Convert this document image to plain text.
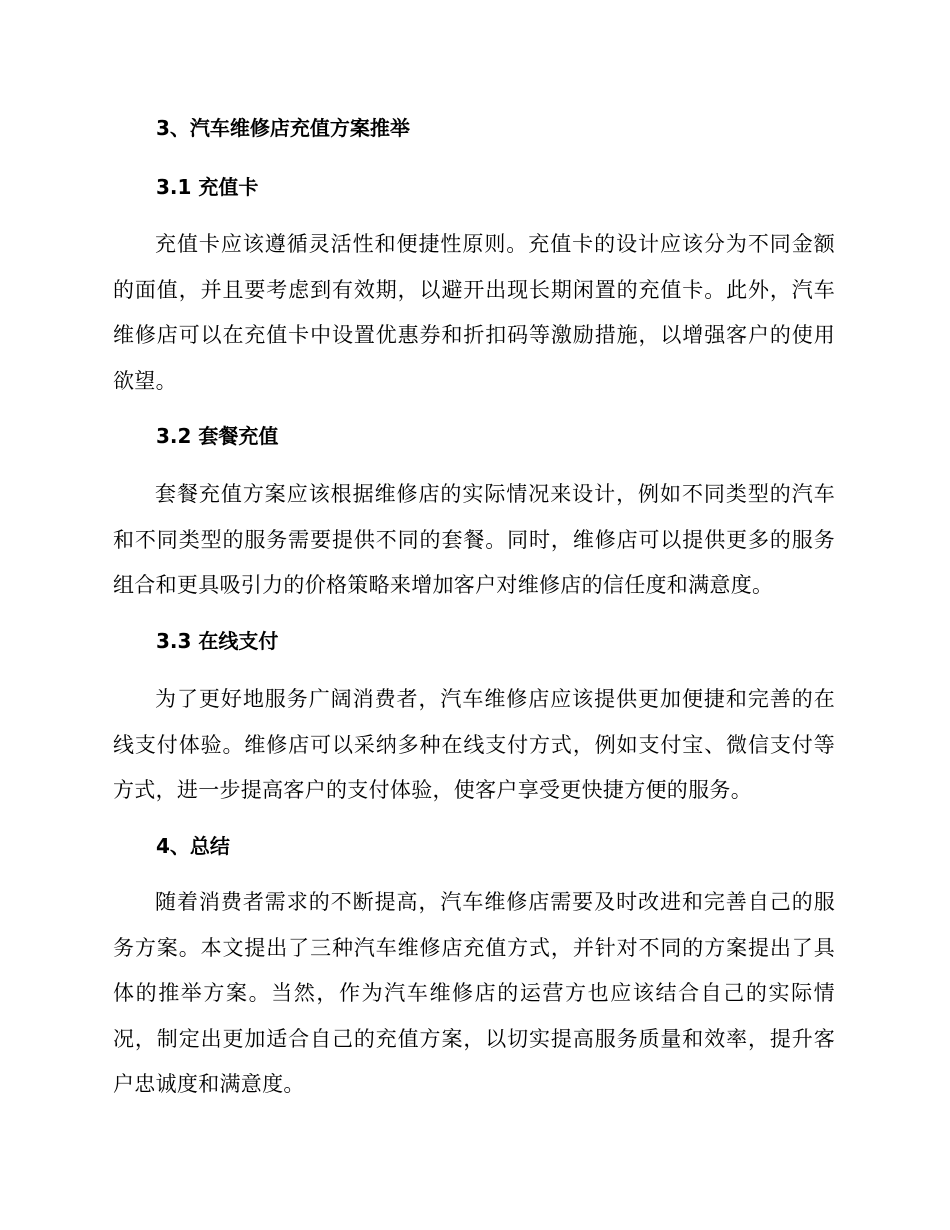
3、汽车维修店充值方案推举
3.1 充值卡
充值卡应该遵循灵活性和便捷性原则。充值卡的设计应该分为不同金额的面值，并且要考虑到有效期，以避开出现长期闲置的充值卡。此外，汽车维修店可以在充值卡中设置优惠券和折扣码等激励措施，以增强客户的使用欲望。
3.2 套餐充值
套餐充值方案应该根据维修店的实际情况来设计，例如不同类型的汽车和不同类型的服务需要提供不同的套餐。同时，维修店可以提供更多的服务组合和更具吸引力的价格策略来增加客户对维修店的信任度和满意度。
3.3 在线支付
为了更好地服务广阔消费者，汽车维修店应该提供更加便捷和完善的在线支付体验。维修店可以采纳多种在线支付方式，例如支付宝、微信支付等方式，进一步提高客户的支付体验，使客户享受更快捷方便的服务。
4、总结
随着消费者需求的不断提高，汽车维修店需要及时改进和完善自己的服务方案。本文提出了三种汽车维修店充值方式，并针对不同的方案提出了具体的推举方案。当然，作为汽车维修店的运营方也应该结合自己的实际情况，制定出更加适合自己的充值方案，以切实提高服务质量和效率，提升客户忠诚度和满意度。
